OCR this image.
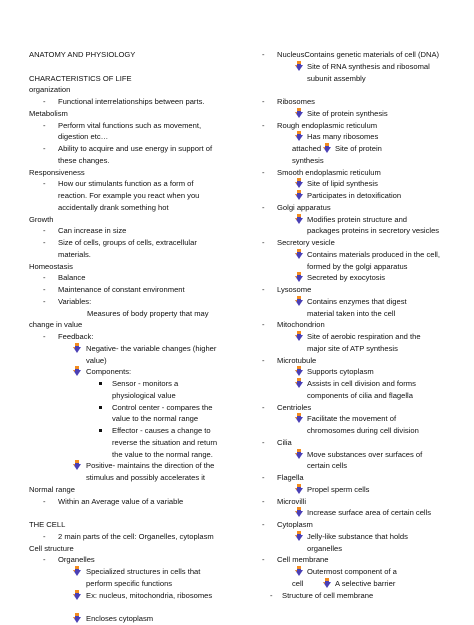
ANATOMY AND PHYSIOLOGY
CHARACTERISTICS OF LIFE
organization
- Functional interrelationships between parts.
Metabolism
- Perform vital functions such as movement,
digestion etc…
- Ability to acquire and use energy in support of
these changes.
Responsiveness
- How our stimulants function as a form of
reaction. For example you react when you
accidentally drank something hot
Growth
- Can increase in size
- Size of cells, groups of cells, extracellular
materials.
Homeostasis
- Balance
- Maintenance of constant environment
- Variables:
Measures of body property that may
change in value
- Feedback:
Negative- the variable changes (higher
value)
Components:
Sensor - monitors a
physiological value
Control center - compares the
value to the normal range
Effector - causes a change to
reverse the situation and return
the value to the normal range.
Positive- maintains the direction of the
stimulus and possibly accelerates it
Normal range
- Within an Average value of a variable
THE CELL
- 2 main parts of the cell: Organelles, cytoplasm
Cell structure
- Organelles
Specialized structures in cells that
perform specific functions
Ex: nucleus, mitochondria, ribosomes
Encloses cytoplasm
- NucleusContains genetic materials of cell (DNA)
Site of RNA synthesis and ribosomal
subunit assembly
- Ribosomes
Site of protein synthesis
- Rough endoplasmic reticulum
Has many ribosomes
attached Site of protein
synthesis
- Smooth endoplasmic reticulum
Site of lipid synthesis
Participates in detoxification
- Golgi apparatus
Modifies protein structure and
packages proteins in secretory vesicles
- Secretory vesicle
Contains materials produced in the cell,
formed by the golgi apparatus
Secreted by exocytosis
- Lysosome
Contains enzymes that digest
material taken into the cell
- Mitochondrion
Site of aerobic respiration and the
major site of ATP synthesis
- Microtubule
Supports cytoplasm
Assists in cell division and forms
components of cilia and flagella
- Centrioles
Facilitate the movement of
chromosomes during cell division
- Cilia
Move substances over surfaces of
certain cells
- Flagella
Propel sperm cells
- Microvilli
Increase surface area of certain cells
- Cytoplasm
Jelly-like substance that holds
organelles
- Cell membrane
Outermost component of a
cell	A selective barrier
- Structure of cell membrane
